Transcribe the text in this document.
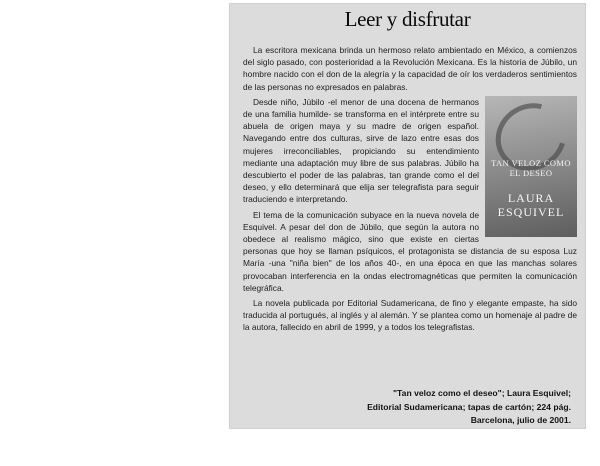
Leer y disfrutar

La escritora mexicana brinda un hermoso relato ambientado en México, a comienzos del siglo pasado, con posterioridad a la Revolución Mexicana. Es la historia de Júbilo, un hombre nacido con el don de la alegría y la capacidad de oír los verdaderos sentimientos de las personas no expresados en palabras.

TAN VELOZ COMO EL DESEO
LAURA ESQUIVEL

Desde niño, Júbilo -el menor de una docena de hermanos de una familia humilde- se transforma en el intérprete entre su abuela de origen maya y su madre de origen español. Navegando entre dos culturas, sirve de lazo entre esas dos mujeres irreconciliables, propiciando su entendimiento mediante una adaptación muy libre de sus palabras. Júbilo ha descubierto el poder de las palabras, tan grande como el del deseo, y ello determinará que elija ser telegrafista para seguir traduciendo e interpretando.

El tema de la comunicación subyace en la nueva novela de Esquivel. A pesar del don de Júbilo, que según la autora no obedece al realismo mágico, sino que existe en ciertas personas que hoy se llaman psíquicos, el protagonista se distancia de su esposa Luz María -una "niña bien" de los años 40-, en una época en que las manchas solares provocaban interferencia en la ondas electromagnéticas que permiten la comunicación telegráfica.

La novela publicada por Editorial Sudamericana, de fino y elegante empaste, ha sido traducida al portugués, al inglés y al alemán. Y se plantea como un homenaje al padre de la autora, fallecido en abril de 1999, y a todos los telegrafistas.

"Tan veloz como el deseo"; Laura Esquivel;
Editorial Sudamericana; tapas de cartón; 224 pág.
Barcelona, julio de 2001.
